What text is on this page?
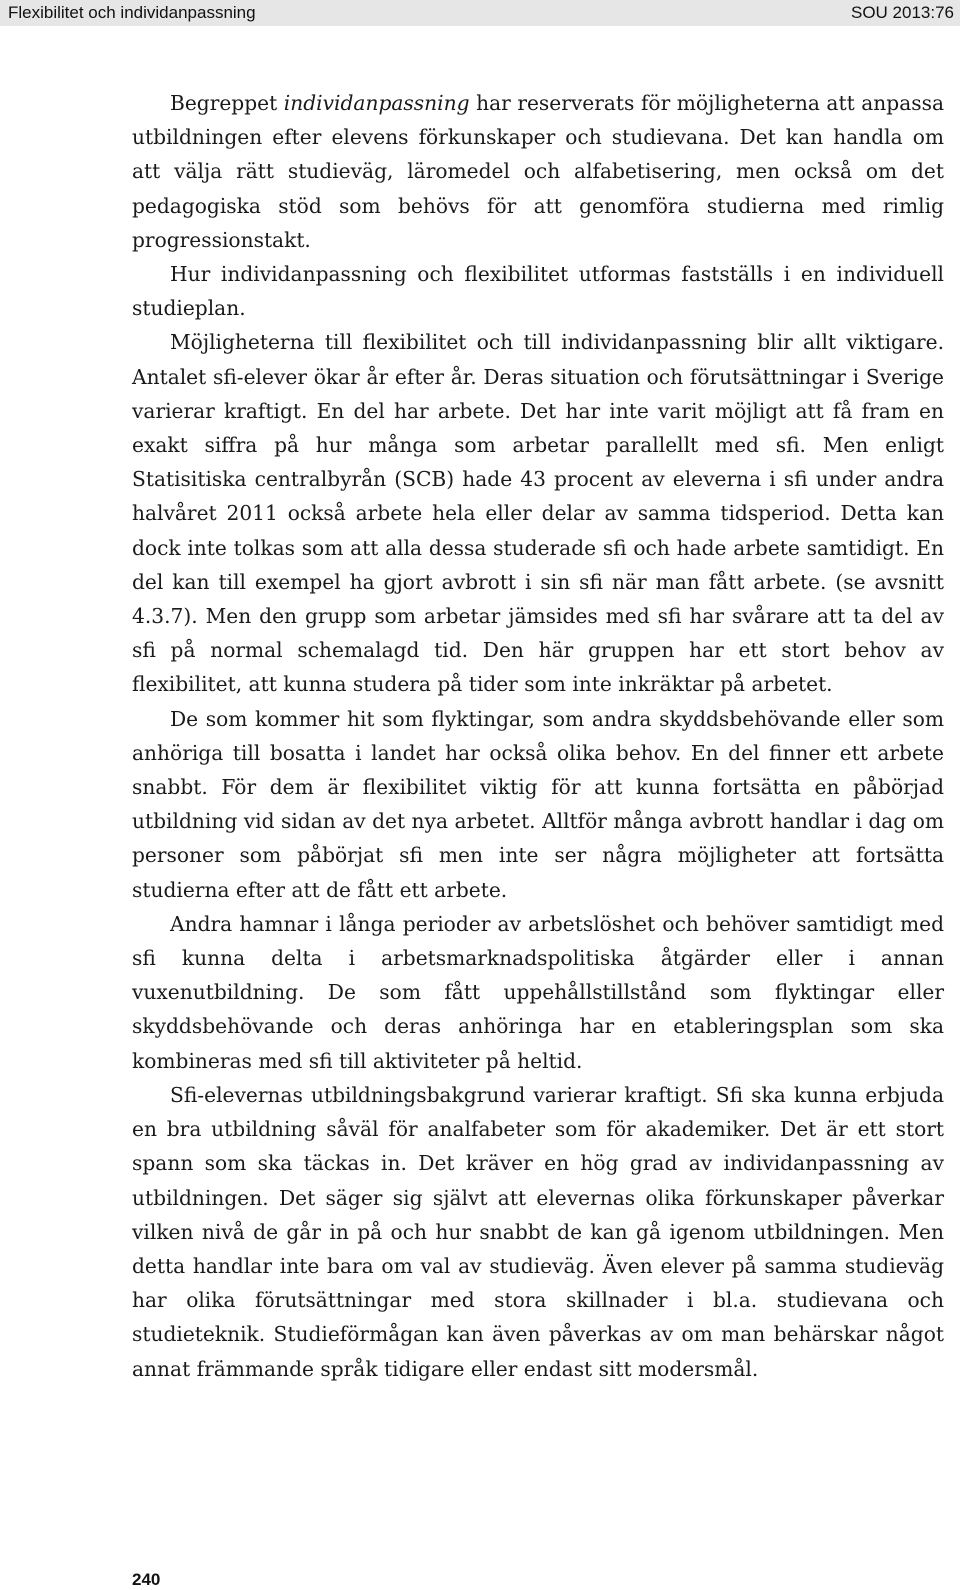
Flexibilitet och individanpassning	SOU 2013:76

Begreppet individanpassning har reserverats för möjligheterna att anpassa utbildningen efter elevens förkunskaper och studievana. Det kan handla om att välja rätt studieväg, läromedel och alfabetisering, men också om det pedagogiska stöd som behövs för att genomföra studierna med rimlig progressionstakt.

Hur individanpassning och flexibilitet utformas fastställs i en individuell studieplan.

Möjligheterna till flexibilitet och till individanpassning blir allt viktigare. Antalet sfi-elever ökar år efter år. Deras situation och förutsättningar i Sverige varierar kraftigt. En del har arbete. Det har inte varit möjligt att få fram en exakt siffra på hur många som arbetar parallellt med sfi. Men enligt Statisitiska centralbyrån (SCB) hade 43 procent av eleverna i sfi under andra halvåret 2011 också arbete hela eller delar av samma tidsperiod. Detta kan dock inte tolkas som att alla dessa studerade sfi och hade arbete samtidigt. En del kan till exempel ha gjort avbrott i sin sfi när man fått arbete. (se avsnitt 4.3.7). Men den grupp som arbetar jämsides med sfi har svårare att ta del av sfi på normal schemalagd tid. Den här gruppen har ett stort behov av flexibilitet, att kunna studera på tider som inte inkräktar på arbetet.

De som kommer hit som flyktingar, som andra skyddsbehövande eller som anhöriga till bosatta i landet har också olika behov. En del finner ett arbete snabbt. För dem är flexibilitet viktig för att kunna fortsätta en påbörjad utbildning vid sidan av det nya arbetet. Alltför många avbrott handlar i dag om personer som påbörjat sfi men inte ser några möjligheter att fortsätta studierna efter att de fått ett arbete.

Andra hamnar i långa perioder av arbetslöshet och behöver samtidigt med sfi kunna delta i arbetsmarknadspolitiska åtgärder eller i annan vuxenutbildning. De som fått uppehållstillstånd som flyktingar eller skyddsbehövande och deras anhöringa har en etableringsplan som ska kombineras med sfi till aktiviteter på heltid.

Sfi-elevernas utbildningsbakgrund varierar kraftigt. Sfi ska kunna erbjuda en bra utbildning såväl för analfabeter som för akademiker. Det är ett stort spann som ska täckas in. Det kräver en hög grad av individanpassning av utbildningen. Det säger sig självt att elevernas olika förkunskaper påverkar vilken nivå de går in på och hur snabbt de kan gå igenom utbildningen. Men detta handlar inte bara om val av studieväg. Även elever på samma studieväg har olika förutsättningar med stora skillnader i bl.a. studievana och studieteknik. Studieförmågan kan även påverkas av om man behärskar något annat främmande språk tidigare eller endast sitt modersmål.

240
